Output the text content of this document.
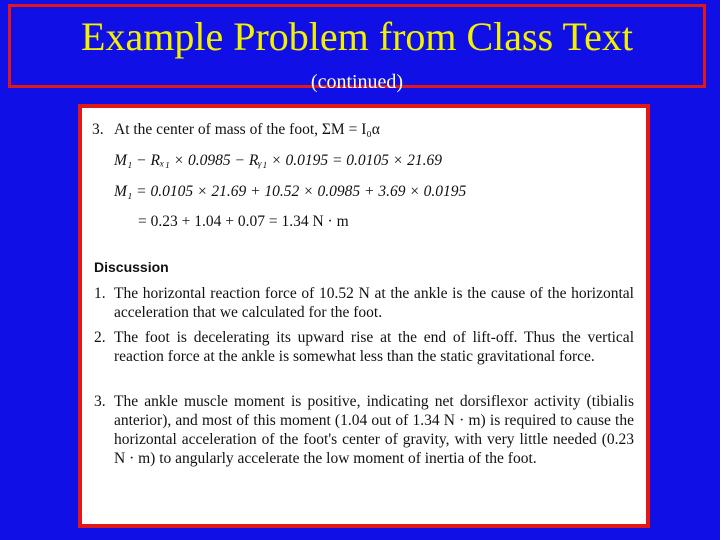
Example Problem from Class Text
(continued)
3. At the center of mass of the foot, ΣM = I₀α
M₁ − Rₓ₁ × 0.0985 − Rᵧ₁ × 0.0195 = 0.0105 × 21.69
M₁ = 0.0105 × 21.69 + 10.52 × 0.0985 + 3.69 × 0.0195
= 0.23 + 1.04 + 0.07 = 1.34 N · m
Discussion
1. The horizontal reaction force of 10.52 N at the ankle is the cause of the horizontal acceleration that we calculated for the foot.
2. The foot is decelerating its upward rise at the end of lift-off. Thus the vertical reaction force at the ankle is somewhat less than the static gravitational force.
3. The ankle muscle moment is positive, indicating net dorsiflexor activity (tibialis anterior), and most of this moment (1.04 out of 1.34 N · m) is required to cause the horizontal acceleration of the foot's center of gravity, with very little needed (0.23 N · m) to angularly accelerate the low moment of inertia of the foot.
